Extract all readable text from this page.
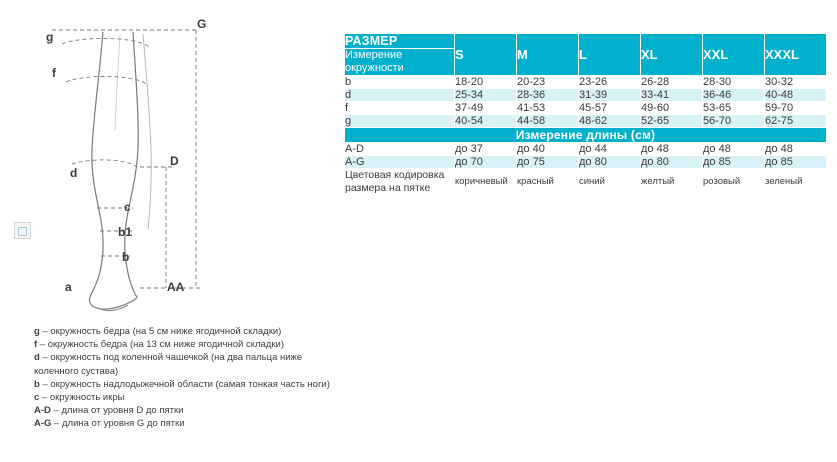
G
g
f
D
d
c
b1
b
a	AA

g – окружность бедра (на 5 см ниже ягодичной складки)

f – окружность бедра (на 13 см ниже ягодичной складки)

d – окружность под коленной чашечкой (на два пальца ниже коленного сустава)

b – окружность надлодыжечной области (самая тонкая часть ноги)

c – окружность икры

A-D – длина от уровня D до пятки

A-G – длина от уровня G до пятки

РАЗМЕР	S	M	L	XL	XXL	XXXL
Измерение окружности						
b	18-20	20-23	23-26	26-28	28-30	30-32
d	25-34	28-36	31-39	33-41	36-46	40-48
f	37-49	41-53	45-57	49-60	53-65	59-70
g	40-54	44-58	48-62	52-65	56-70	62-75
Измерение длины (см)						
A-D	до 37	до 40	до 44	до 48	до 48	до 48
A-G	до 70	до 75	до 80	до 80	до 85	до 85
Цветовая кодировка размера на пятке	коричневый	красный	синий	желтый	розовый	зеленый
